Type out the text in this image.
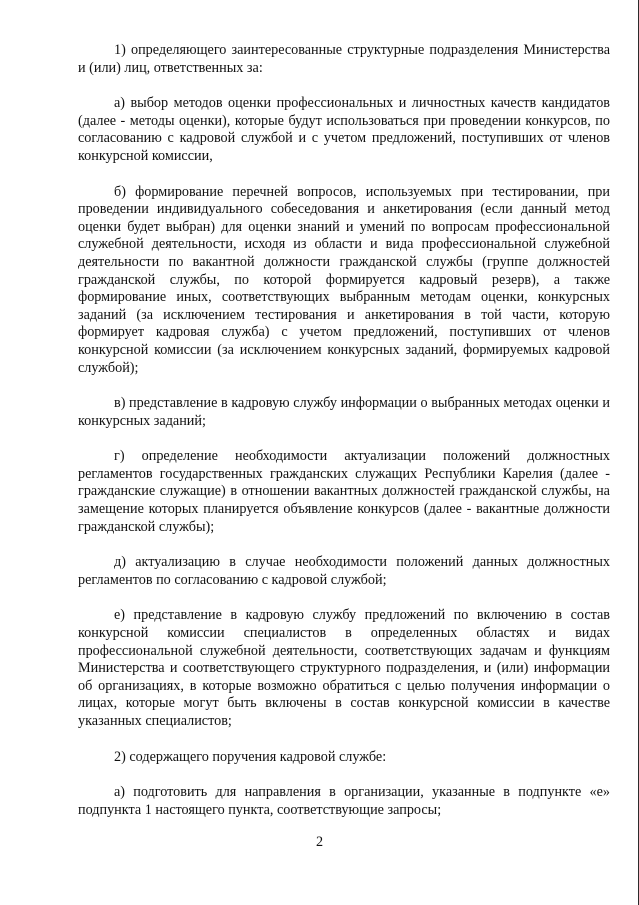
1) определяющего заинтересованные структурные подразделения Министерства и (или) лиц, ответственных за:

а) выбор методов оценки профессиональных и личностных качеств кандидатов (далее - методы оценки), которые будут использоваться при проведении конкурсов, по согласованию с кадровой службой и с учетом предложений, поступивших от членов конкурсной комиссии,

б) формирование перечней вопросов, используемых при тестировании, при проведении индивидуального собеседования и анкетирования (если данный метод оценки будет выбран) для оценки знаний и умений по вопросам профессиональной служебной деятельности, исходя из области и вида профессиональной служебной деятельности по вакантной должности гражданской службы (группе должностей гражданской службы, по которой формируется кадровый резерв), а также формирование иных, соответствующих выбранным методам оценки, конкурсных заданий (за исключением тестирования и анкетирования в той части, которую формирует кадровая служба) с учетом предложений, поступивших от членов конкурсной комиссии (за исключением конкурсных заданий, формируемых кадровой службой);

в) представление в кадровую службу информации о выбранных методах оценки и конкурсных заданий;

г) определение необходимости актуализации положений должностных регламентов государственных гражданских служащих Республики Карелия (далее - гражданские служащие) в отношении вакантных должностей гражданской службы, на замещение которых планируется объявление конкурсов (далее - вакантные должности гражданской службы);

д) актуализацию в случае необходимости положений данных должностных регламентов по согласованию с кадровой службой;

е) представление в кадровую службу предложений по включению в состав конкурсной комиссии специалистов в определенных областях и видах профессиональной служебной деятельности, соответствующих задачам и функциям Министерства и соответствующего структурного подразделения, и (или) информации об организациях, в которые возможно обратиться с целью получения информации о лицах, которые могут быть включены в состав конкурсной комиссии в качестве указанных специалистов;

2) содержащего поручения кадровой службе:

а) подготовить для направления в организации, указанные в подпункте «е» подпункта 1 настоящего пункта, соответствующие запросы;

2
